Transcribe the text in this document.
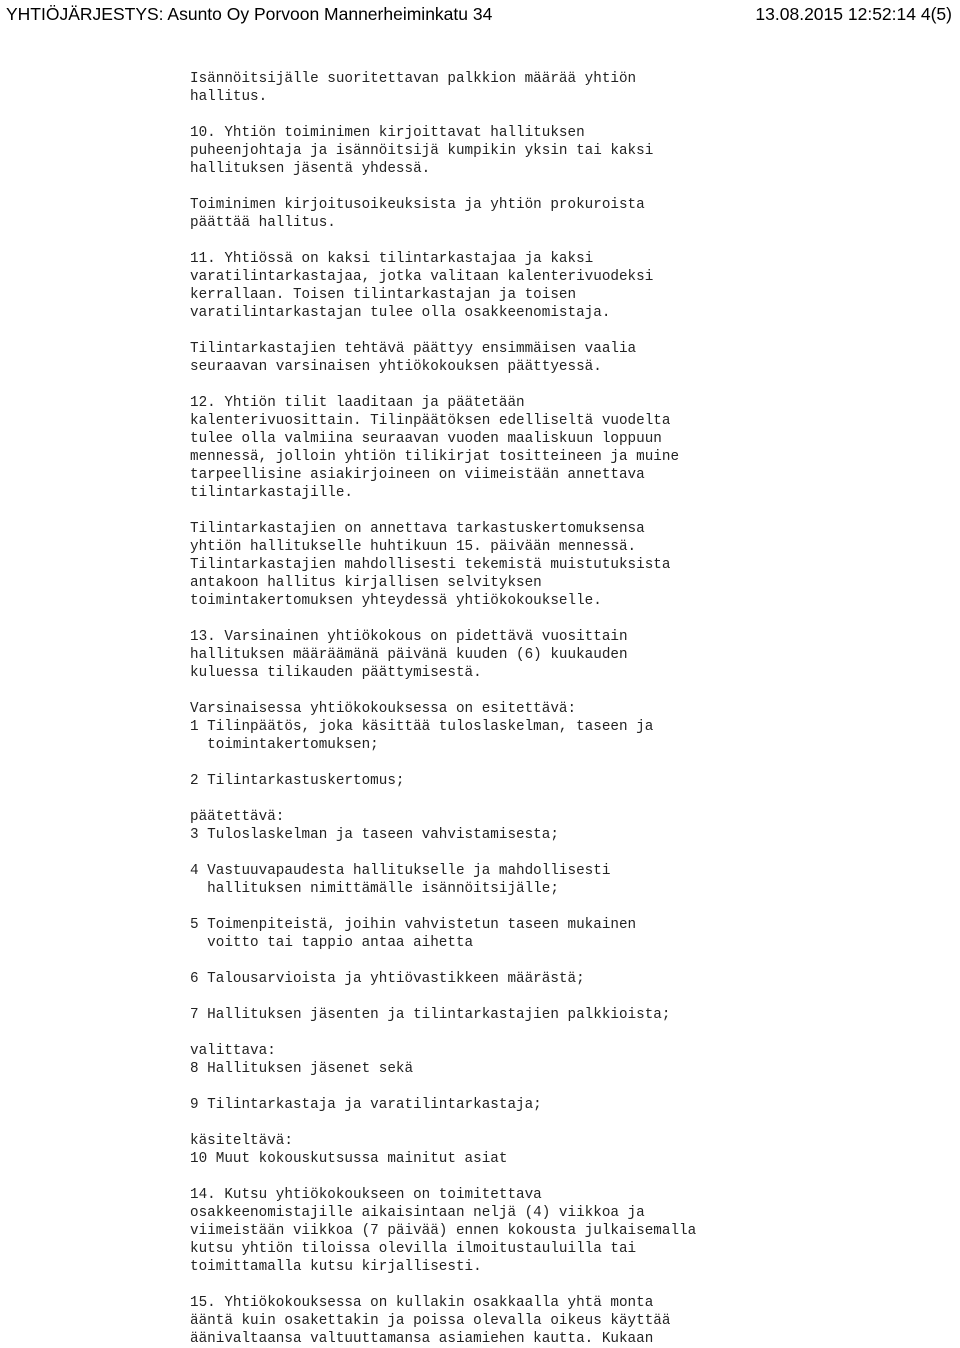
YHTIÖJÄRJESTYS: Asunto Oy Porvoon Mannerheiminkatu 34	13.08.2015 12:52:14 4(5)
Isännöitsijälle suoritettavan palkkion määrää yhtiön
hallitus.
10. Yhtiön toiminimen kirjoittavat hallituksen
puheenjohtaja ja isännöitsijä kumpikin yksin tai kaksi
hallituksen jäsentä yhdessä.
Toiminimen kirjoitusoikeuksista ja yhtiön prokuroista
päättää hallitus.
11. Yhtiössä on kaksi tilintarkastajaa ja kaksi
varatilintarkastajaa, jotka valitaan kalenterivuodeksi
kerrallaan. Toisen tilintarkastajan ja toisen
varatilintarkastajan tulee olla osakkeenomistaja.
Tilintarkastajien tehtävä päättyy ensimmäisen vaalia
seuraavan varsinaisen yhtiökokouksen päättyessä.
12. Yhtiön tilit laaditaan ja päätetään
kalenterivuosittain. Tilinpäätöksen edelliseltä vuodelta
tulee olla valmiina seuraavan vuoden maaliskuun loppuun
mennessä, jolloin yhtiön tilikirjat tositteineen ja muine
tarpeellisine asiakirjoineen on viimeistään annettava
tilintarkastajille.
Tilintarkastajien on annettava tarkastuskertomuksensa
yhtiön hallitukselle huhtikuun 15. päivään mennessä.
Tilintarkastajien mahdollisesti tekemistä muistutuksista
antakoon hallitus kirjallisen selvityksen
toimintakertomuksen yhteydessä yhtiökokoukselle.
13. Varsinainen yhtiökokous on pidettävä vuosittain
hallituksen määräämänä päivänä kuuden (6) kuukauden
kuluessa tilikauden päättymisestä.
Varsinaisessa yhtiökokouksessa on esitettävä:
1 Tilinpäätös, joka käsittää tuloslaskelman, taseen ja
toimintakertomuksen;
2 Tilintarkastuskertomus;
päätettävä:
3 Tuloslaskelman ja taseen vahvistamisesta;
4 Vastuuvapaudesta hallitukselle ja mahdollisesti
hallituksen nimittämälle isännöitsijälle;
5 Toimenpiteistä, joihin vahvistetun taseen mukainen
voitto tai tappio antaa aihetta
6 Talousarvioista ja yhtiövastikkeen määrästä;
7 Hallituksen jäsenten ja tilintarkastajien palkkioista;
valittava:
8 Hallituksen jäsenet sekä
9 Tilintarkastaja ja varatilintarkastaja;
käsiteltävä:
10 Muut kokouskutsussa mainitut asiat
14. Kutsu yhtiökokoukseen on toimitettava
osakkeenomistajille aikaisintaan neljä (4) viikkoa ja
viimeistään viikkoa (7 päivää) ennen kokousta julkaisemalla
kutsu yhtiön tiloissa olevilla ilmoitustauluilla tai
toimittamalla kutsu kirjallisesti.
15. Yhtiökokouksessa on kullakin osakkaalla yhtä monta
ääntä kuin osakettakin ja poissa olevalla oikeus käyttää
äänivaltaansa valtuuttamansa asiamiehen kautta. Kukaan
